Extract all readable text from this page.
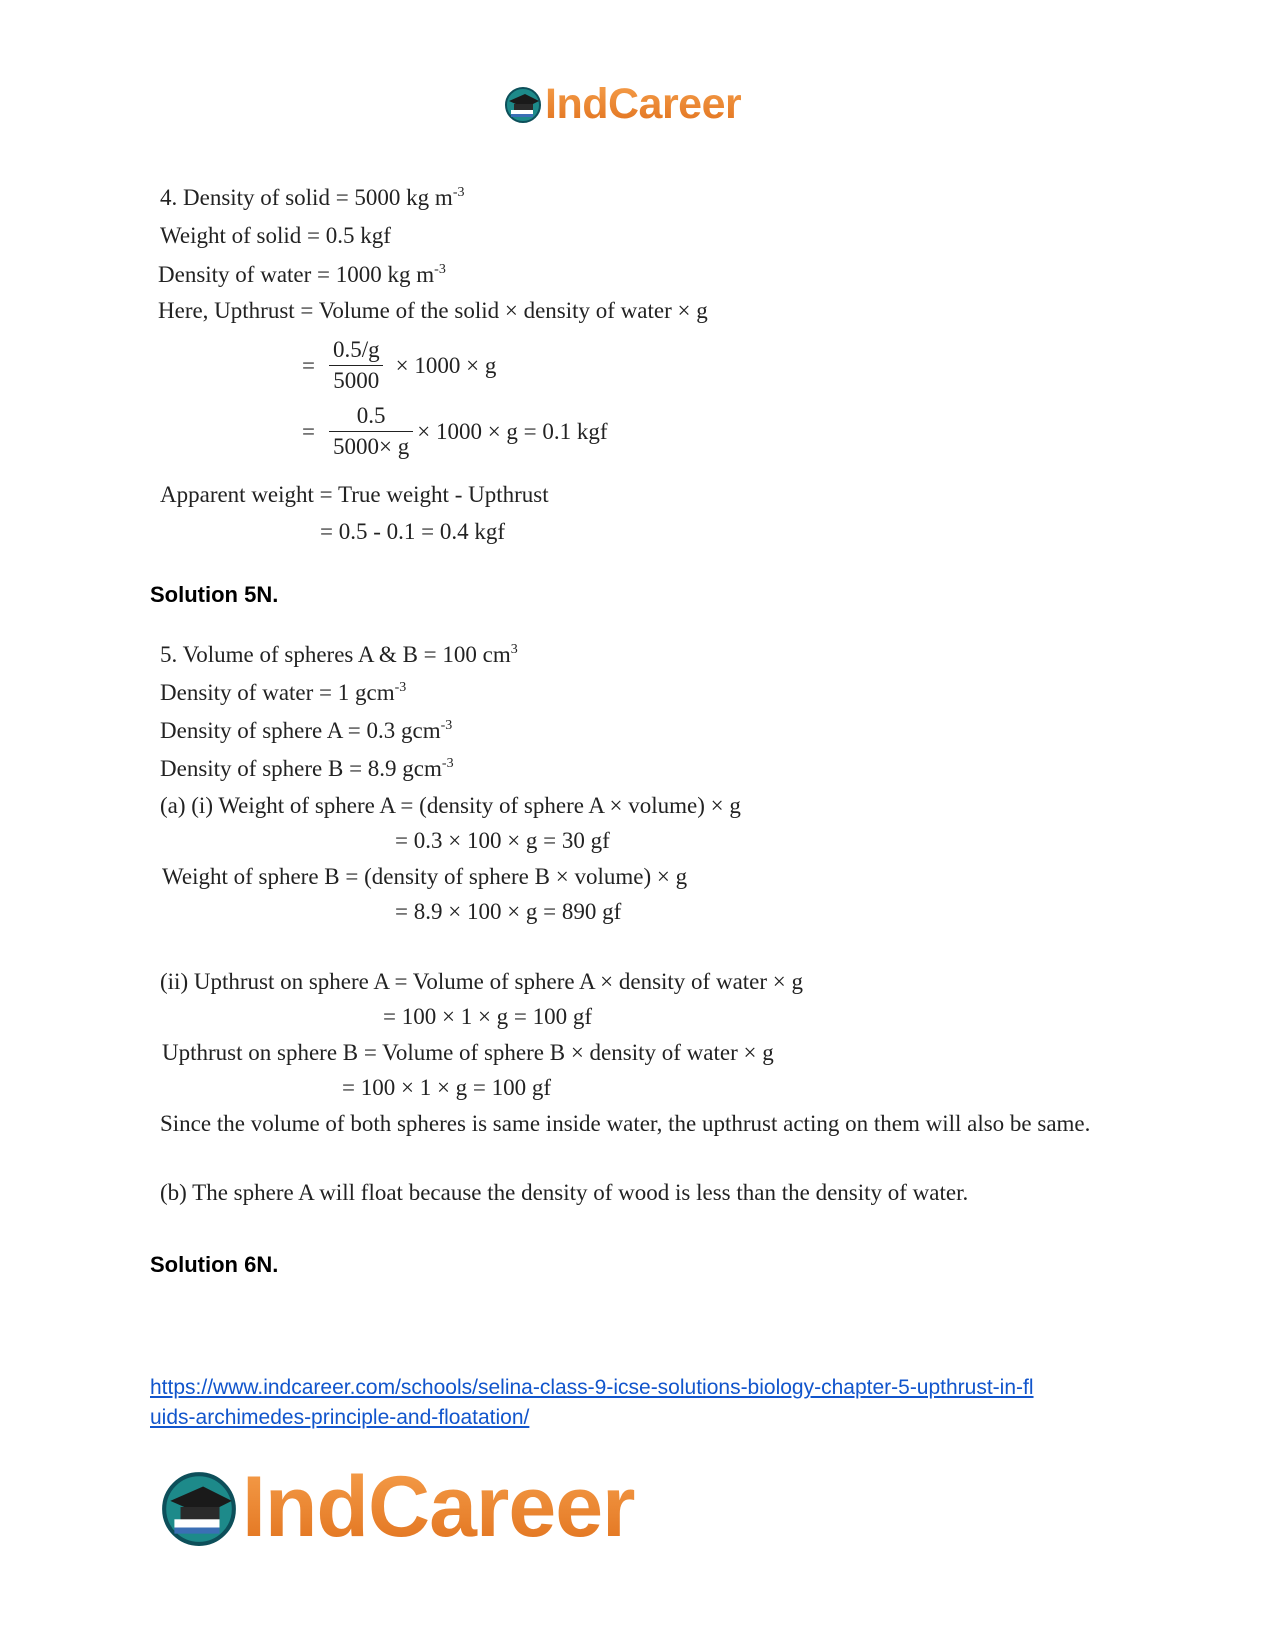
IndCareer
4. Density of solid = 5000 kg $m^{-3}$
Weight of solid = 0.5 kgf
Density of water = 1000 kg $m^{-3}$
Here, Upthrust = Volume of the solid × density of water × g
= $\frac{0.5/g}{5000} \times 1000 \times g$
= $\frac{0.5}{5000\times g} \times 1000 \times g = 0.1$ kgf
Apparent weight = True weight - Upthrust
= 0.5 - 0.1 = 0.4 kgf
Solution 5N.
5. Volume of spheres A & B = 100 $cm^3$
Density of water = 1 gcm$^{-3}$
Density of sphere A = 0.3 gcm$^{-3}$
Density of sphere B = 8.9 gcm$^{-3}$
(a) (i) Weight of sphere A = (density of sphere A × volume) × g
= 0.3 × 100 × g = 30 gf
Weight of sphere B = (density of sphere B × volume) × g
= 8.9 × 100 × g = 890 gf
(ii) Upthrust on sphere A = Volume of sphere A × density of water × g
= 100 × 1 × g = 100 gf
Upthrust on sphere B = Volume of sphere B × density of water × g
= 100 × 1 × g = 100 gf
Since the volume of both spheres is same inside water, the upthrust acting on them will also be same.
(b) The sphere A will float because the density of wood is less than the density of water.
Solution 6N.
https://www.indcareer.com/schools/selina-class-9-icse-solutions-biology-chapter-5-upthrust-in-fl
uids-archimedes-principle-and-floatation/
IndCareer
